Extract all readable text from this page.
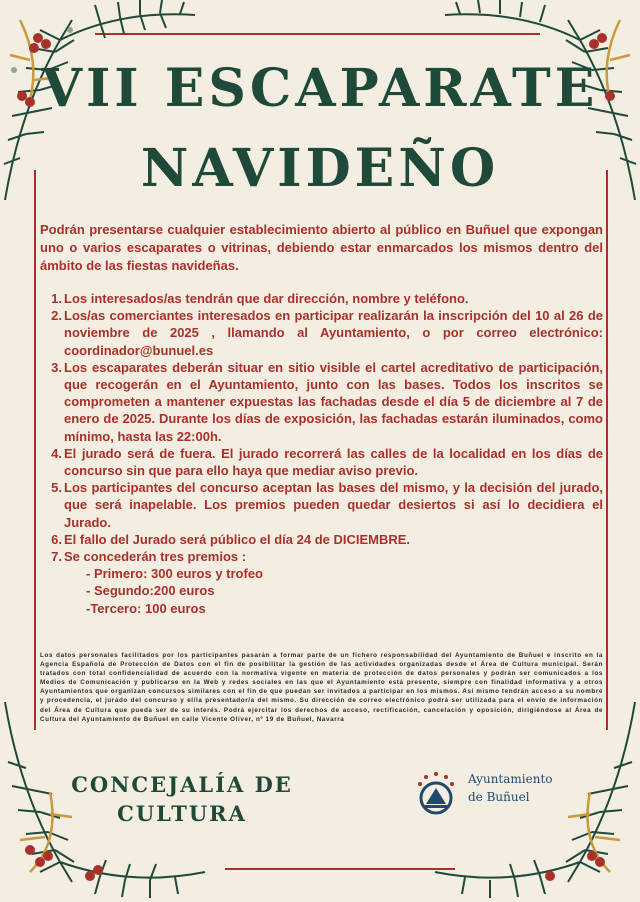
VII ESCAPARATE
NAVIDEÑO

Podrán presentarse cualquier establecimiento abierto al público en Buñuel que expongan uno o varios escaparates o vitrinas, debiendo estar enmarcados los mismos dentro del ámbito de las fiestas navideñas.

1. Los interesados/as tendrán que dar dirección, nombre y teléfono.
2. Los/as comerciantes interesados en participar realizarán la inscripción del 10 al 26 de noviembre de 2025 , llamando al Ayuntamiento, o por correo electrónico: coordinador@bunuel.es
3. Los escaparates deberán situar en sitio visible el cartel acreditativo de participación, que recogerán en el Ayuntamiento, junto con las bases. Todos los inscritos se comprometen a mantener expuestas las fachadas desde el día 5 de diciembre al 7 de enero de 2025. Durante los días de exposición, las fachadas estarán iluminados, como mínimo, hasta las 22:00h.
4. El jurado será de fuera. El jurado recorrerá las calles de la localidad en los días de concurso sin que para ello haya que mediar aviso previo.
5. Los participantes del concurso aceptan las bases del mismo, y la decisión del jurado, que será inapelable. Los premios pueden quedar desiertos si así lo decidiera el Jurado.
6. El fallo del Jurado será público el día 24 de DICIEMBRE.
7. Se concederán tres premios :
- Primero: 300 euros y trofeo
- Segundo:200 euros
-Tercero: 100 euros

Los datos personales facilitados por los participantes pasarán a formar parte de un fichero responsabilidad del Ayuntamiento de Buñuel e inscrito en la Agencia Española de Protección de Datos con el fin de posibilitar la gestión de las actividades organizadas desde el Área de Cultura municipal. Serán tratados con total confidencialidad de acuerdo con la normativa vigente en materia de protección de datos personales y podrán ser comunicados a los Medios de Comunicación y publicarse en la Web y redes sociales en las que el Ayuntamiento está presente, siempre con finalidad informativa y a otros Ayuntamientos que organizan concursos similares con el fin de que puedan ser invitados a participar en los mismos. Así mismo tendrán acceso a su nombre y procedencia, el jurado del concurso y el/la presentador/a del mismo. Su dirección de correo electrónico podrá ser utilizada para el envío de información del Área de Cultura que pueda ser de su interés. Podrá ejercitar los derechos de acceso, rectificación, cancelación y oposición, dirigiéndose al Área de Cultura del Ayuntamiento de Buñuel en calle Vicente Oliver, nº 19 de Buñuel, Navarra

CONCEJALÍA DE
CULTURA
Ayuntamiento
de Buñuel
